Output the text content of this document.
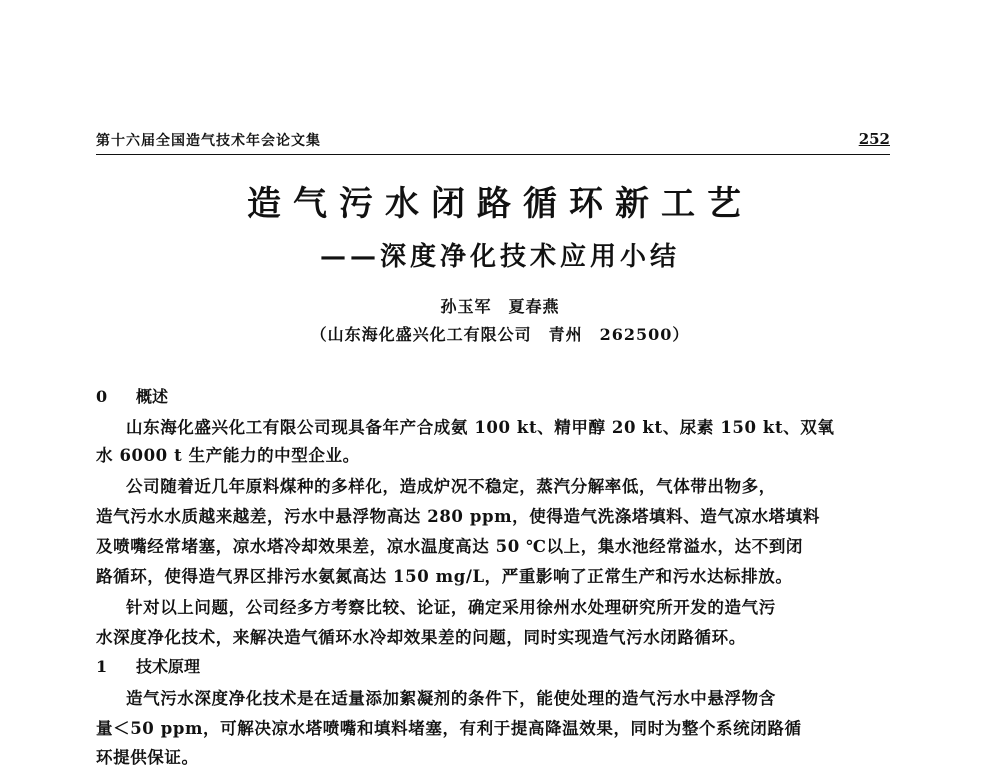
第十六届全国造气技术年会论文集	252
造气污水闭路循环新工艺
——深度净化技术应用小结
孙玉军　夏春燕
（山东海化盛兴化工有限公司　青州　262500）
0 概述
山东海化盛兴化工有限公司现具备年产合成氨 100 kt、精甲醇 20 kt、尿素 150 kt、双氧
水 6000 t 生产能力的中型企业。
公司随着近几年原料煤种的多样化，造成炉况不稳定，蒸汽分解率低，气体带出物多，
造气污水水质越来越差，污水中悬浮物高达 280 ppm，使得造气洗涤塔填料、造气凉水塔填料
及喷嘴经常堵塞，凉水塔冷却效果差，凉水温度高达 50 ℃以上，集水池经常溢水，达不到闭
路循环，使得造气界区排污水氨氮高达 150 mg/L，严重影响了正常生产和污水达标排放。
针对以上问题，公司经多方考察比较、论证，确定采用徐州水处理研究所开发的造气污
水深度净化技术，来解决造气循环水冷却效果差的问题，同时实现造气污水闭路循环。
1 技术原理
造气污水深度净化技术是在适量添加絮凝剂的条件下，能使处理的造气污水中悬浮物含
量＜50 ppm，可解决凉水塔喷嘴和填料堵塞，有利于提高降温效果，同时为整个系统闭路循
环提供保证。
